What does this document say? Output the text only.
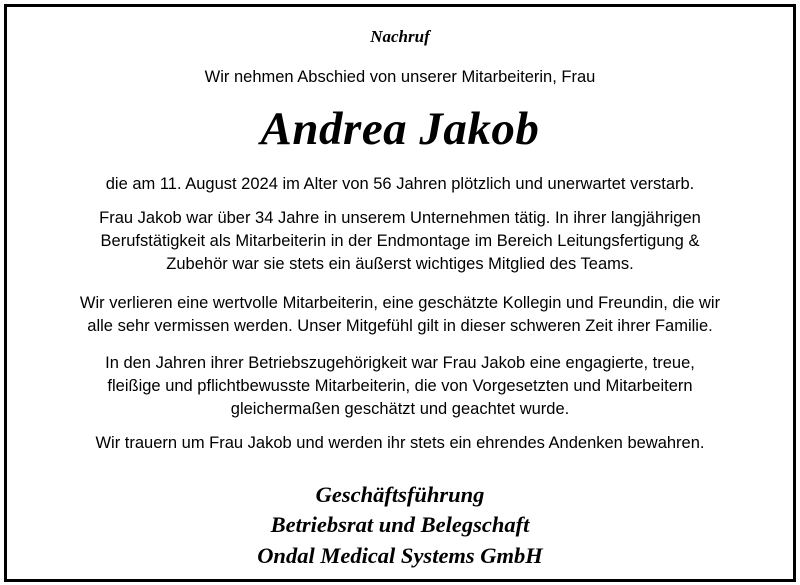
Nachruf
Wir nehmen Abschied von unserer Mitarbeiterin, Frau
Andrea Jakob
die am 11. August 2024 im Alter von 56 Jahren plötzlich und unerwartet verstarb.
Frau Jakob war über 34 Jahre in unserem Unternehmen tätig. In ihrer langjährigen
Berufstätigkeit als Mitarbeiterin in der Endmontage im Bereich Leitungsfertigung &
Zubehör war sie stets ein äußerst wichtiges Mitglied des Teams.
Wir verlieren eine wertvolle Mitarbeiterin, eine geschätzte Kollegin und Freundin, die wir
alle sehr vermissen werden. Unser Mitgefühl gilt in dieser schweren Zeit ihrer Familie.
In den Jahren ihrer Betriebszugehörigkeit war Frau Jakob eine engagierte, treue,
fleißige und pflichtbewusste Mitarbeiterin, die von Vorgesetzten und Mitarbeitern
gleichermaßen geschätzt und geachtet wurde.
Wir trauern um Frau Jakob und werden ihr stets ein ehrendes Andenken bewahren.
Geschäftsführung
Betriebsrat und Belegschaft
Ondal Medical Systems GmbH
